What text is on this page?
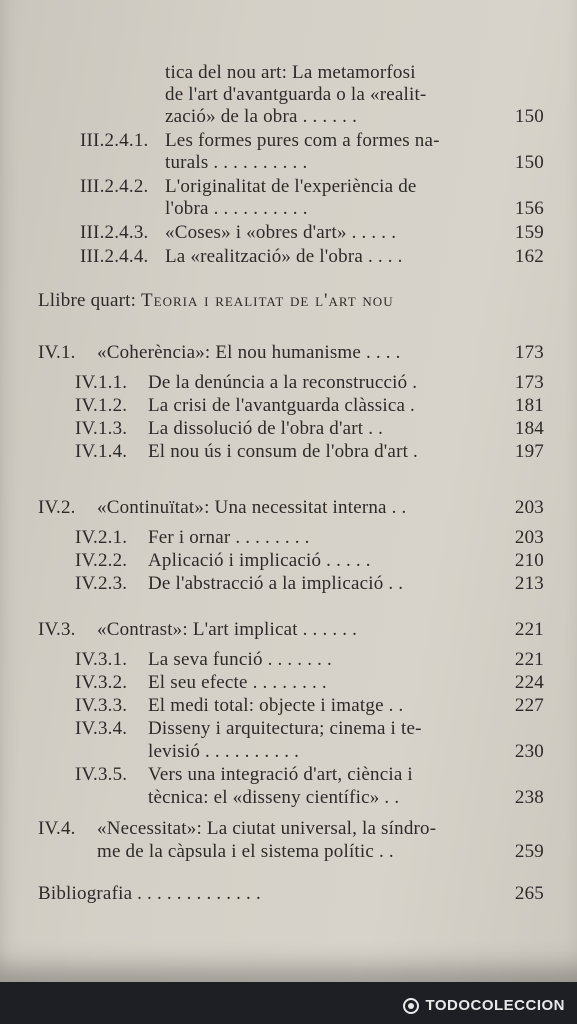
tica del nou art: La metamorfosi
de l'art d'avantguarda o la «realit-
zació» de la obra . . . . . .	150
III.2.4.1. Les formes pures com a formes na-
turals . . . . . . . . . .	150
III.2.4.2. L'originalitat de l'experiència de
l'obra . . . . . . . . . .	156
III.2.4.3. «Coses» i «obres d'art» . . . . .	159
III.2.4.4. La «realització» de l'obra . . . .	162
Llibre quart: Teoria i realitat de l'art nou
IV.1. «Coherència»: El nou humanisme . . . .	173
IV.1.1. De la denúncia a la reconstrucció .	173
IV.1.2. La crisi de l'avantguarda clàssica .	181
IV.1.3. La dissolució de l'obra d'art . .	184
IV.1.4. El nou ús i consum de l'obra d'art .	197
IV.2. «Continuïtat»: Una necessitat interna . .	203
IV.2.1. Fer i ornar . . . . . . . .	203
IV.2.2. Aplicació i implicació . . . . .	210
IV.2.3. De l'abstracció a la implicació . .	213
IV.3. «Contrast»: L'art implicat . . . . . .	221
IV.3.1. La seva funció . . . . . . .	221
IV.3.2. El seu efecte . . . . . . . .	224
IV.3.3. El medi total: objecte i imatge . .	227
IV.3.4. Disseny i arquitectura; cinema i te-
levisió . . . . . . . . . .	230
IV.3.5. Vers una integració d'art, ciència i
tècnica: el «disseny científic» . .	238
IV.4. «Necessitat»: La ciutat universal, la síndro-
me de la càpsula i el sistema polític . .	259
Bibliografia . . . . . . . . . . . . .	265
TODOCOLECCION
